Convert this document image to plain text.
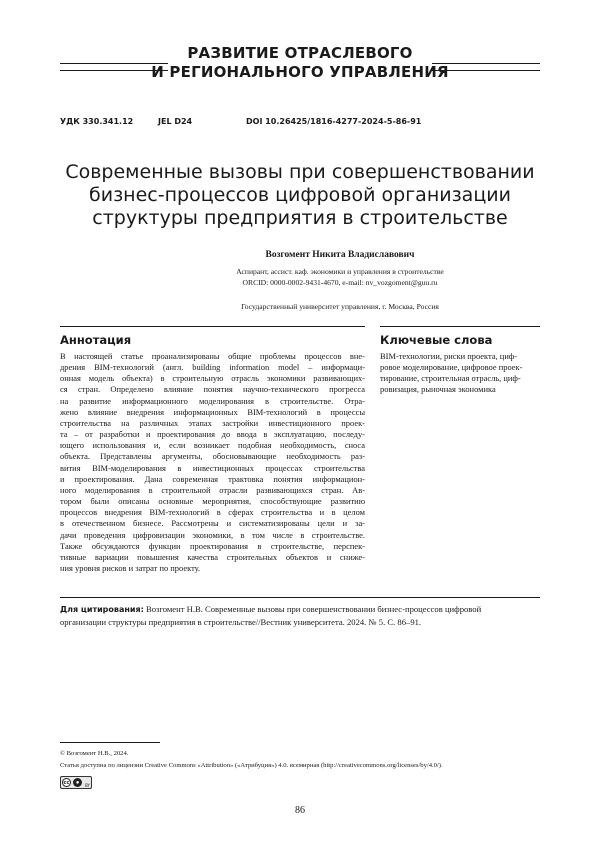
РАЗВИТИЕ ОТРАСЛЕВОГО
И РЕГИОНАЛЬНОГО УПРАВЛЕНИЯ
УДК 330.341.12	JEL D24	DOI 10.26425/1816-4277-2024-5-86-91
Современные вызовы при совершенствовании
бизнес-процессов цифровой организации
структуры предприятия в строительстве
Возгомент Никита Владиславович
Аспирант, ассист. каф. экономики и управления в строительстве
ORCID: 0000-0002-9431-4670, e-mail: nv_vozgoment@guu.ru
Государственный университет управления, г. Москва, Россия
Аннотация	Ключевые слова
В настоящей статье проанализированы общие проблемы процессов вне-
дрения BIM-технологий (англ. building information model – информаци-
онная модель объекта) в строительную отрасль экономики развивающих-
ся стран. Определено влияние понятия научно-технического прогресса
на развитие информационного моделирования в строительстве. Отра-
жено влияние внедрения информационных BIM-технологий в процессы
строительства на различных этапах застройки инвестиционного проек-
та – от разработки и проектирования до ввода в эксплуатацию, последу-
ющего использования и, если возникает подобная необходимость, сноса
объекта. Представлены аргументы, обосновывающие необходимость раз-
вития BIM-моделирования в инвестиционных процессах строительства
и проектирования. Дана современная трактовка понятия информацион-
ного моделирования в строительной отрасли развивающихся стран. Ав-
тором были описаны основные мероприятия, способствующие развитию
процессов внедрения BIM-технологий в сферах строительства и в целом
в отечественном бизнесе. Рассмотрены и систематизированы цели и за-
дачи проведения цифровизации экономики, в том числе в строительстве.
Также обсуждаются функции проектирования в строительстве, перспек-
тивные вариации повышения качества строительных объектов и сниже-
ния уровня рисков и затрат по проекту.
BIM-технологии, риски проекта, циф-
ровое моделирование, цифровое проек-
тирование, строительная отрасль, циф-
ровизация, рыночная экономика
Для цитирования: Возгомент Н.В. Современные вызовы при совершенствовании бизнес-процессов цифровой
организации структуры предприятия в строительстве//Вестник университета. 2024. № 5. С. 86–91.
© Возгомент Н.В., 2024.
Статья доступна по лицензии Creative Commons «Attribution» («Атрибуция») 4.0. всемирная (http://creativecommons.org/licenses/by/4.0/).
cc	●	BY
86
